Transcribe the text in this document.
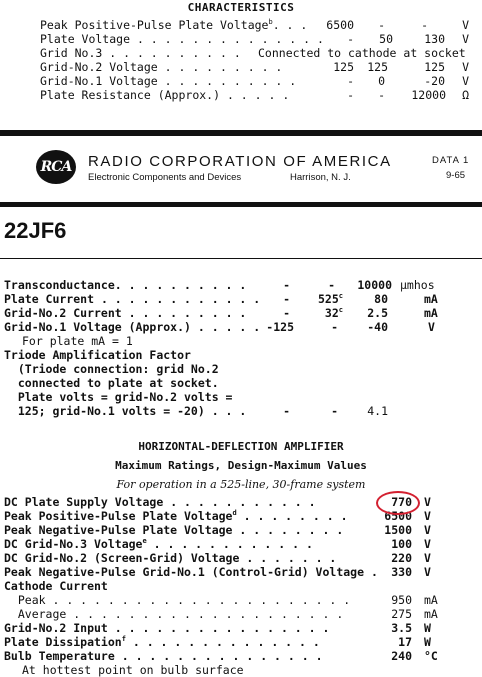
CHARACTERISTICS
Peak Positive-Pulse Plate Voltage$^b$. . .	6500	-	-	V
Plate Voltage . . . . . . . . . . . . . .	-	50	130	V
Grid No.3 . . . . . . . . . . Connected to cathode at socket
Grid-No.2 Voltage . . . . . . . . .	125	125	125	V
Grid-No.1 Voltage . . . . . . . . . .	-	0	-20	V
Plate Resistance (Approx.) . . . . .	-	-	12000	Ω
RCA	RADIO CORPORATION OF AMERICA
Electronic Components and Devices	Harrison, N. J.
DATA 1
9-65
22JF6
Transconductance. . . . . . . . . .	-	-	10000 µmhos
Plate Current . . . . . . . . . . . .	-	525$^c$	80	mA
Grid-No.2 Current . . . . . . . . .	-	32$^c$	2.5	mA
Grid-No.1 Voltage (Approx.) . . . . . -125	-	-40	V
For plate mA = 1
Triode Amplification Factor
(Triode connection: grid No.2
connected to plate at socket.
Plate volts = grid-No.2 volts =
125; grid-No.1 volts = -20) . . .	-	-	4.1
HORIZONTAL-DEFLECTION AMPLIFIER
Maximum Ratings, Design-Maximum Values
For operation in a 525-line, 30-frame system
DC Plate Supply Voltage . . . . . . . . . . .	770 V
Peak Positive-Pulse Plate Voltage$^d$ . . . . . . . .	6500 V
Peak Negative-Pulse Plate Voltage . . . . . . . .	1500 V
DC Grid-No.3 Voltage$^e$ . . . . . . . . . . . .	100 V
DC Grid-No.2 (Screen-Grid) Voltage . . . . . . .	220 V
Peak Negative-Pulse Grid-No.1 (Control-Grid) Voltage .	330 V
Cathode Current
Peak . . . . . . . . . . . . . . . . . . . . . .	950 mA
Average . . . . . . . . . . . . . . . . . . . .	275 mA
Grid-No.2 Input . . . . . . . . . . . . . . . .	3.5 W
Plate Dissipation$^f$ . . . . . . . . . . . . . .	17 W
Bulb Temperature . . . . . . . . . . . . . . .	240 °C
At hottest point on bulb surface
